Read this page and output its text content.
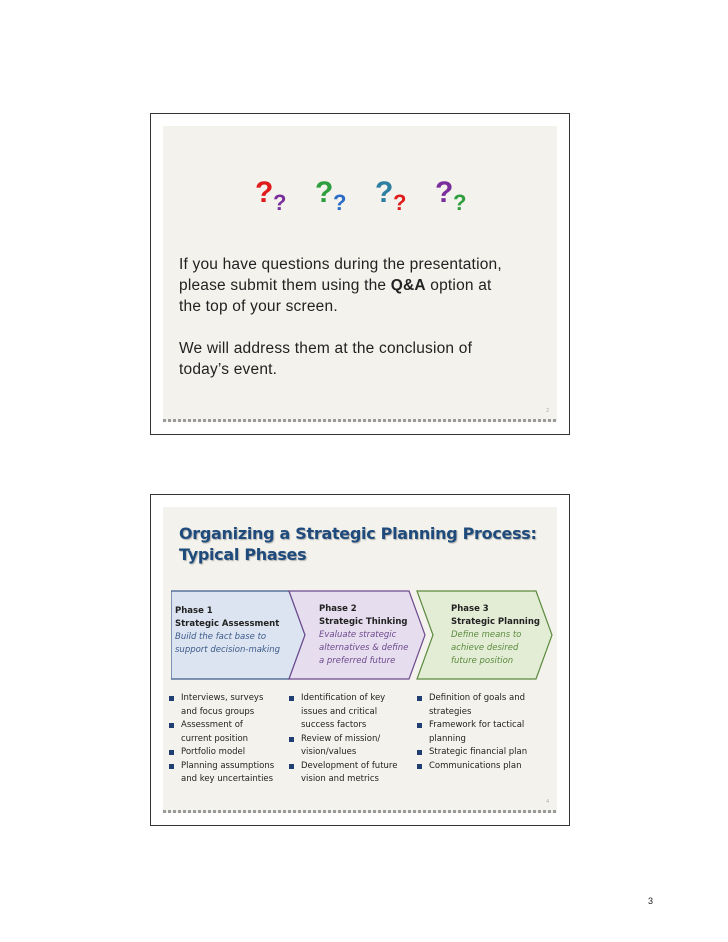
? ? ? ? ? ? ? ?
If you have questions during the presentation,
please submit them using the Q&A option at
the top of your screen.
We will address them at the conclusion of
today’s event.
2
Organizing a Strategic Planning Process:
Typical Phases
Phase 1
Strategic Assessment
Build the fact base to
support decision-making
Phase 2
Strategic Thinking
Evaluate strategic
alternatives & define
a preferred future
Phase 3
Strategic Planning
Define means to
achieve desired
future position
Interviews, surveys
and focus groups
Assessment of
current position
Portfolio model
Planning assumptions
and key uncertainties
Identification of key
issues and critical
success factors
Review of mission/
vision/values
Development of future
vision and metrics
Definition of goals and
strategies
Framework for tactical
planning
Strategic financial plan
Communications plan
4
3
